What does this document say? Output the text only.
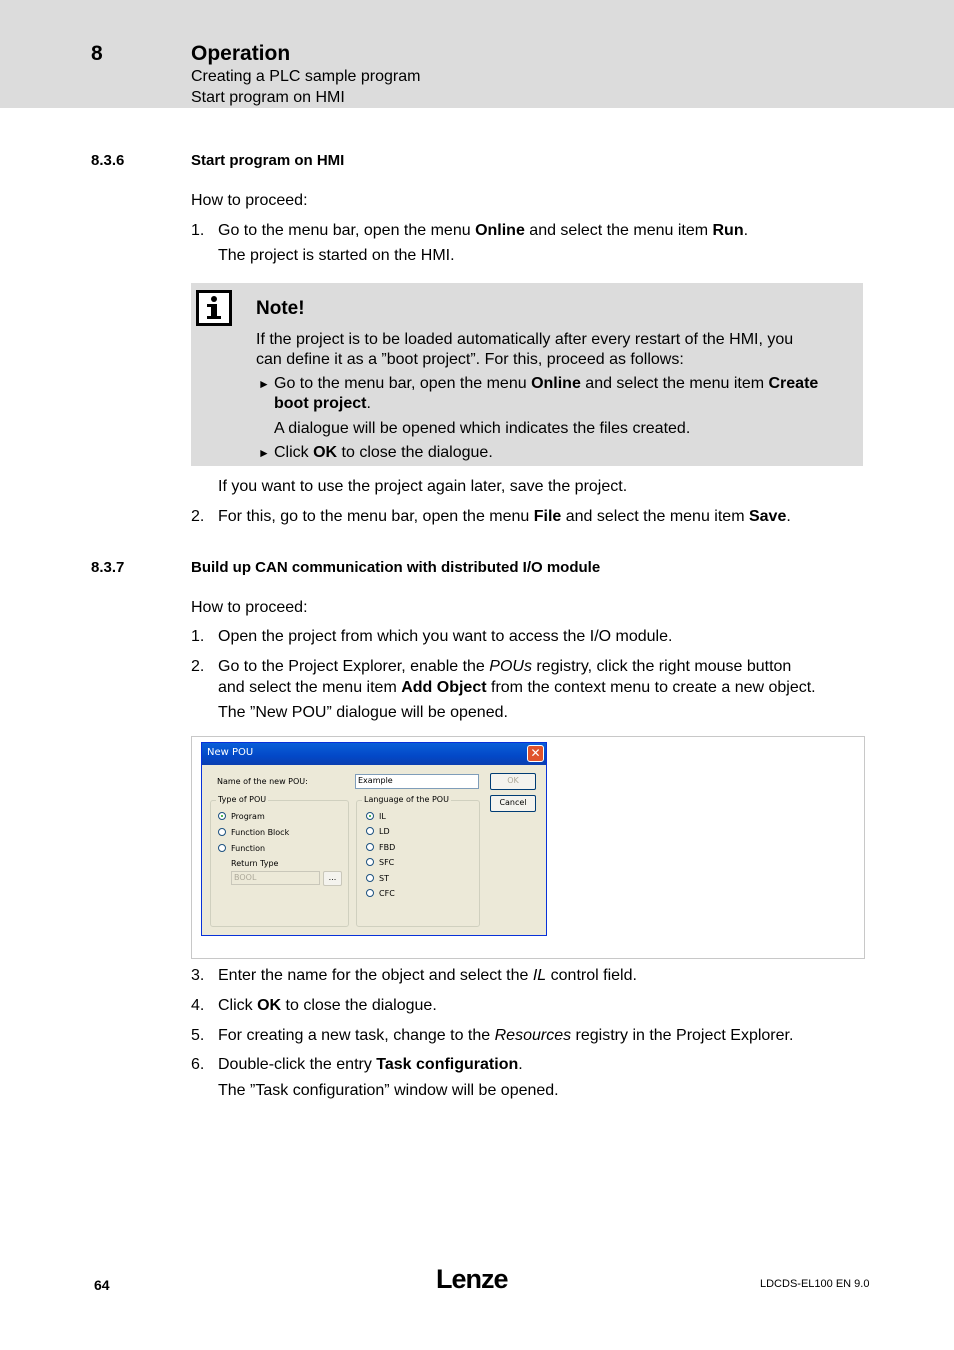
8	Operation
Creating a PLC sample program
Start program on HMI
8.3.6	Start program on HMI
How to proceed:
1. Go to the menu bar, open the menu Online and select the menu item Run.
The project is started on the HMI.
Note!
If the project is to be loaded automatically after every restart of the HMI, you
can define it as a ”boot project”. For this, proceed as follows:
► Go to the menu bar, open the menu Online and select the menu item Create
boot project.
A dialogue will be opened which indicates the files created.
► Click OK to close the dialogue.
If you want to use the project again later, save the project.
2. For this, go to the menu bar, open the menu File and select the menu item Save.
8.3.7	Build up CAN communication with distributed I/O module
How to proceed:
1. Open the project from which you want to access the I/O module.
2. Go to the Project Explorer, enable the POUs registry, click the right mouse button
and select the menu item Add Object from the context menu to create a new object.
The ”New POU” dialogue will be opened.
New POU	✕
Name of the new POU:	Example	OK
Cancel
Type of POU
Program
Function Block
Function
Return Type
BOOL	...
Language of the POU
IL
LD
FBD
SFC
ST
CFC
3. Enter the name for the object and select the IL control field.
4. Click OK to close the dialogue.
5. For creating a new task, change to the Resources registry in the Project Explorer.
6. Double-click the entry Task configuration.
The ”Task configuration” window will be opened.
64	Lenze	LDCDS-EL100 EN 9.0
